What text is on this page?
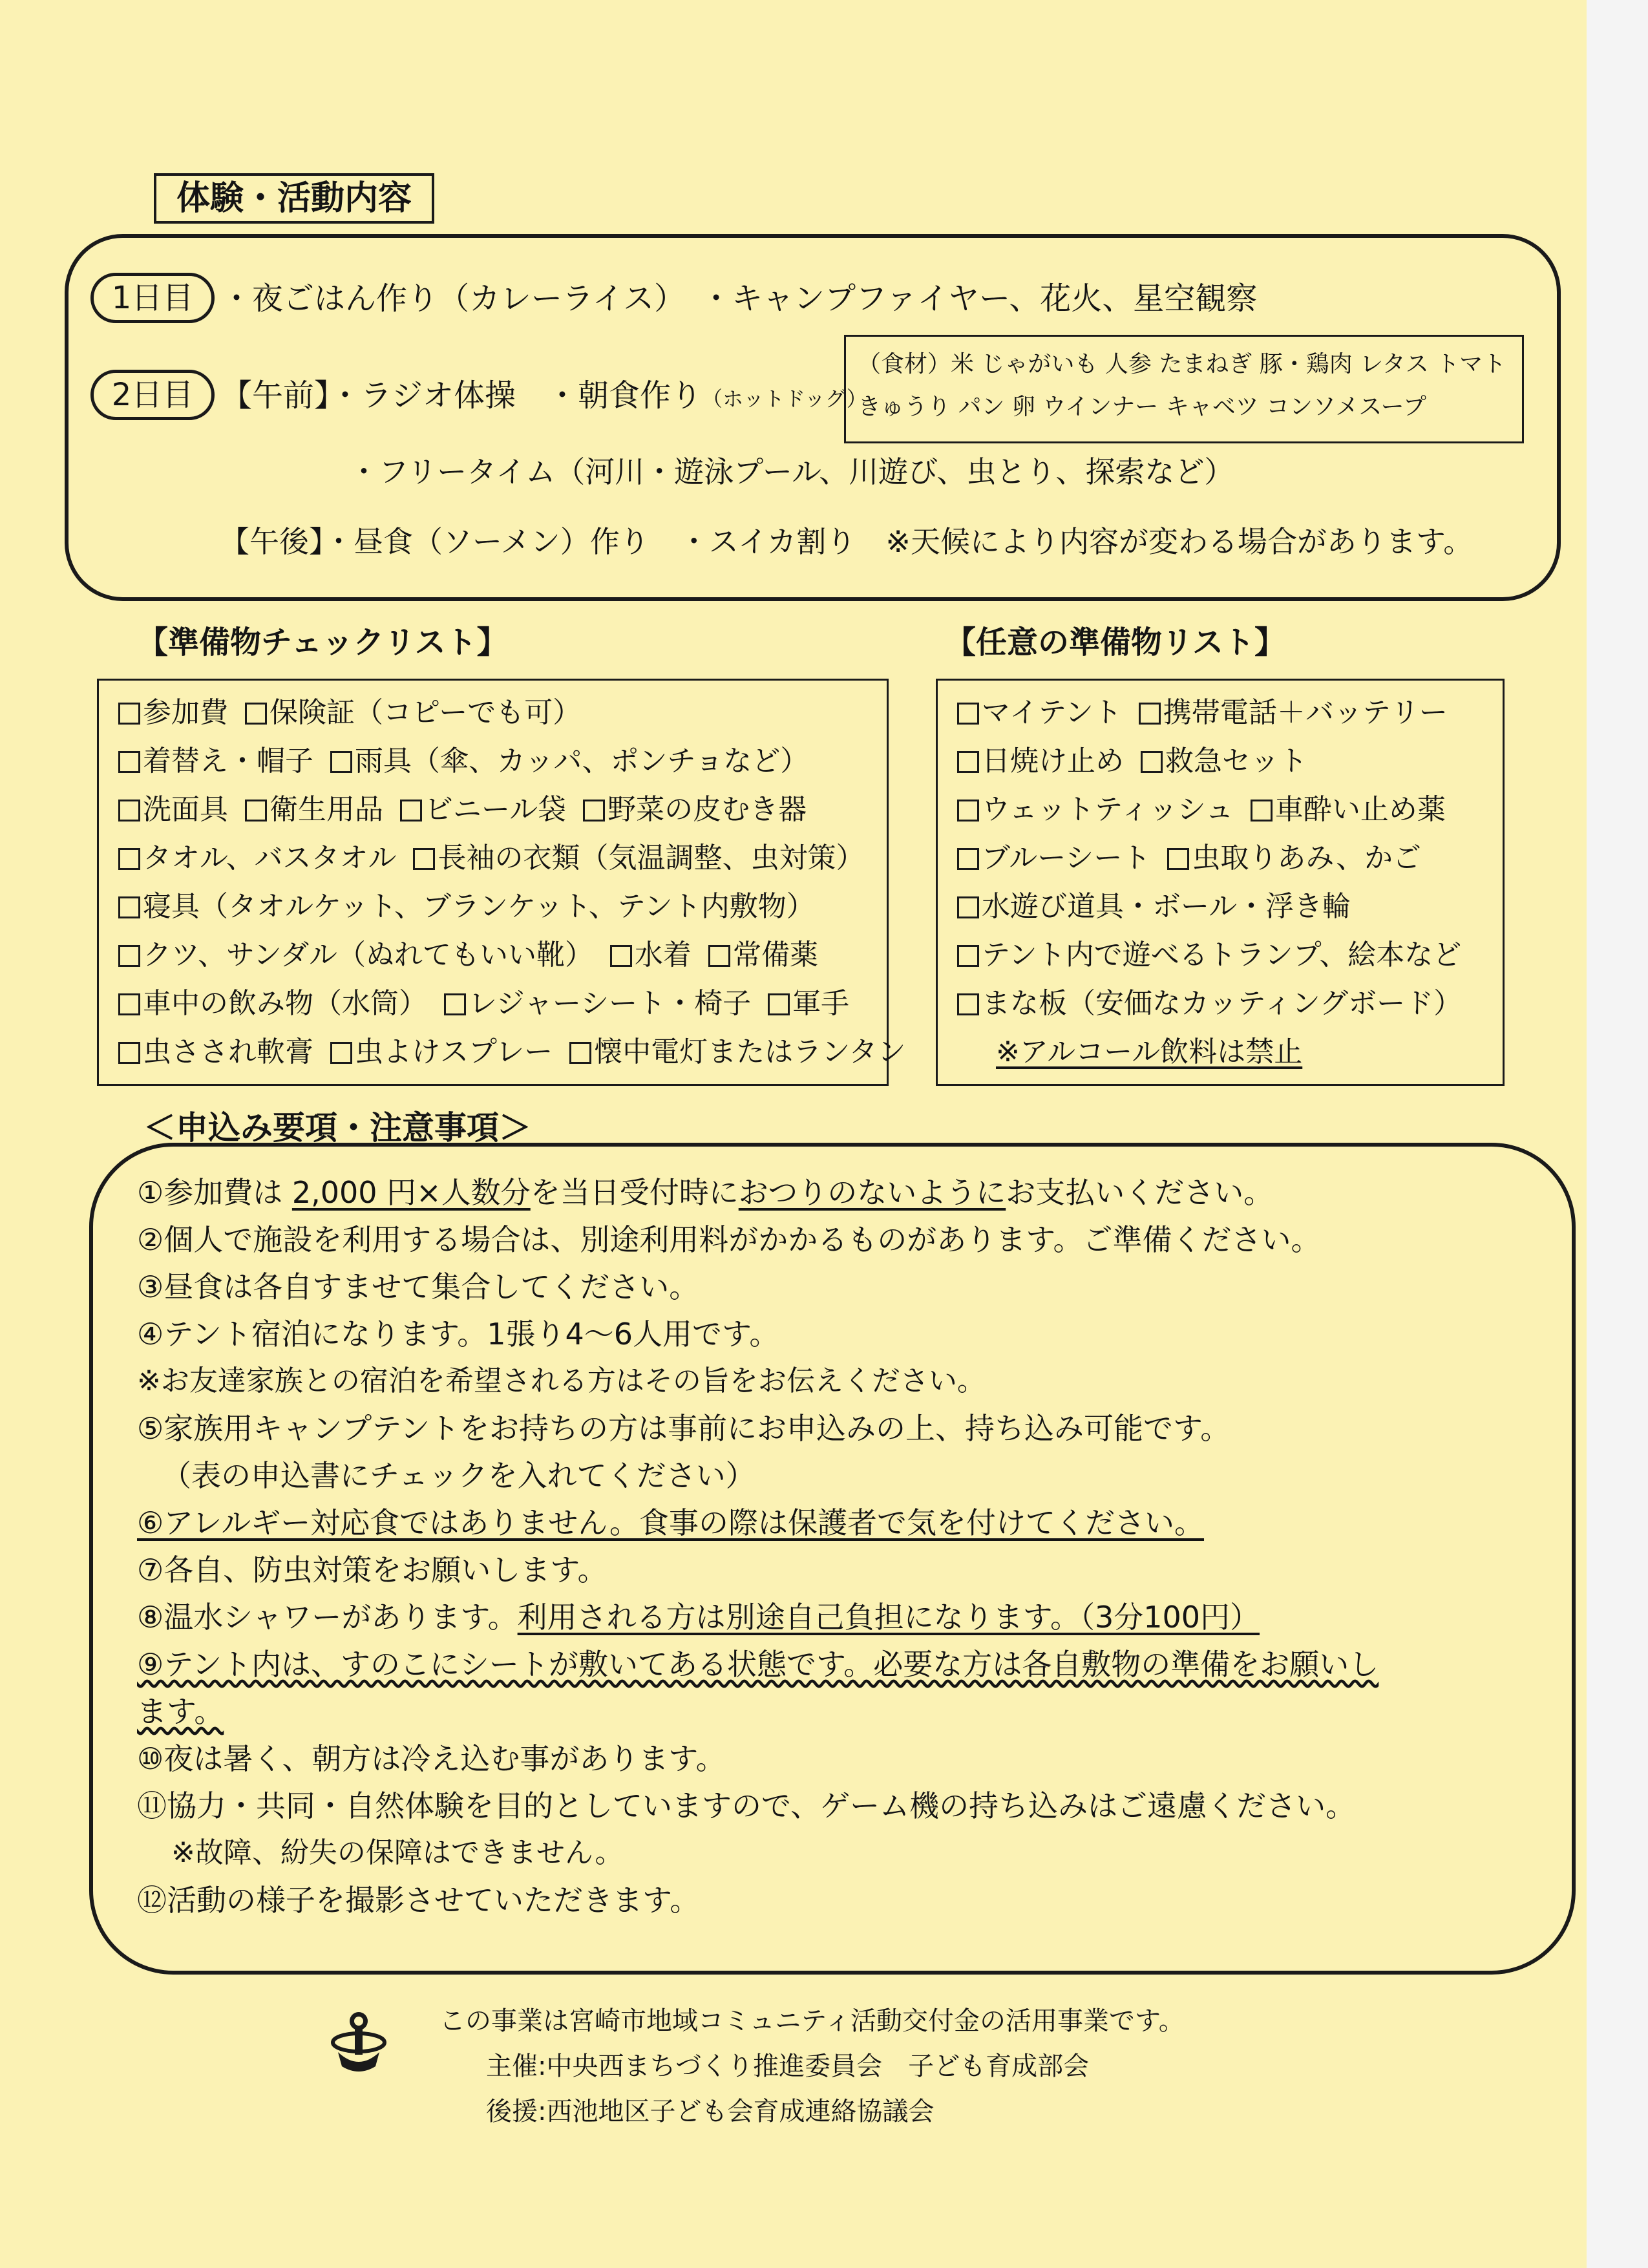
体験・活動内容
1日目 ・夜ごはん作り（カレーライス）　・キャンプファイヤー、花火、星空観察
2日目 【午前】・ラジオ体操　・朝食作り（ホットドッグ）
（食材）米 じゃがいも 人参 たまねぎ 豚・鶏肉 レタス トマト
きゅうり パン 卵 ウインナー キャベツ コンソメスープ
・フリータイム（河川・遊泳プール、川遊び、虫とり、探索など）
【午後】・昼食（ソーメン）作り　・スイカ割り　※天候により内容が変わる場合があります。
【準備物チェックリスト】
参加費 保険証（コピーでも可）
着替え・帽子 雨具（傘、カッパ、ポンチョなど）
洗面具 衛生用品 ビニール袋 野菜の皮むき器
タオル、バスタオル 長袖の衣類（気温調整、虫対策）
寝具（タオルケット、ブランケット、テント内敷物）
クツ、サンダル（ぬれてもいい靴） 水着 常備薬
車中の飲み物（水筒） レジャーシート・椅子 軍手
虫さされ軟膏 虫よけスプレー 懐中電灯またはランタン
【任意の準備物リスト】
マイテント 携帯電話＋バッテリー
日焼け止め 救急セット
ウェットティッシュ 車酔い止め薬
ブルーシート 虫取りあみ、かご
水遊び道具・ボール・浮き輪
テント内で遊べるトランプ、絵本など
まな板（安価なカッティングボード）
※アルコール飲料は禁止
＜申込み要項・注意事項＞
①参加費は 2,000 円×人数分を当日受付時におつりのないようにお支払いください。
②個人で施設を利用する場合は、別途利用料がかかるものがあります。ご準備ください。
③昼食は各自すませて集合してください。
④テント宿泊になります。1張り4～6人用です。
※お友達家族との宿泊を希望される方はその旨をお伝えください。
⑤家族用キャンプテントをお持ちの方は事前にお申込みの上、持ち込み可能です。
（表の申込書にチェックを入れてください）
⑥アレルギー対応食ではありません。食事の際は保護者で気を付けてください。
⑦各自、防虫対策をお願いします。
⑧温水シャワーがあります。利用される方は別途自己負担になります。（3分100円）
⑨テント内は、すのこにシートが敷いてある状態です。必要な方は各自敷物の準備をお願いし
ます。
⑩夜は暑く、朝方は冷え込む事があります。
⑪協力・共同・自然体験を目的としていますので、ゲーム機の持ち込みはご遠慮ください。
※故障、紛失の保障はできません。
⑫活動の様子を撮影させていただきます。
この事業は宮崎市地域コミュニティ活動交付金の活用事業です。
主催:中央西まちづくり推進委員会　子ども育成部会
後援:西池地区子ども会育成連絡協議会
